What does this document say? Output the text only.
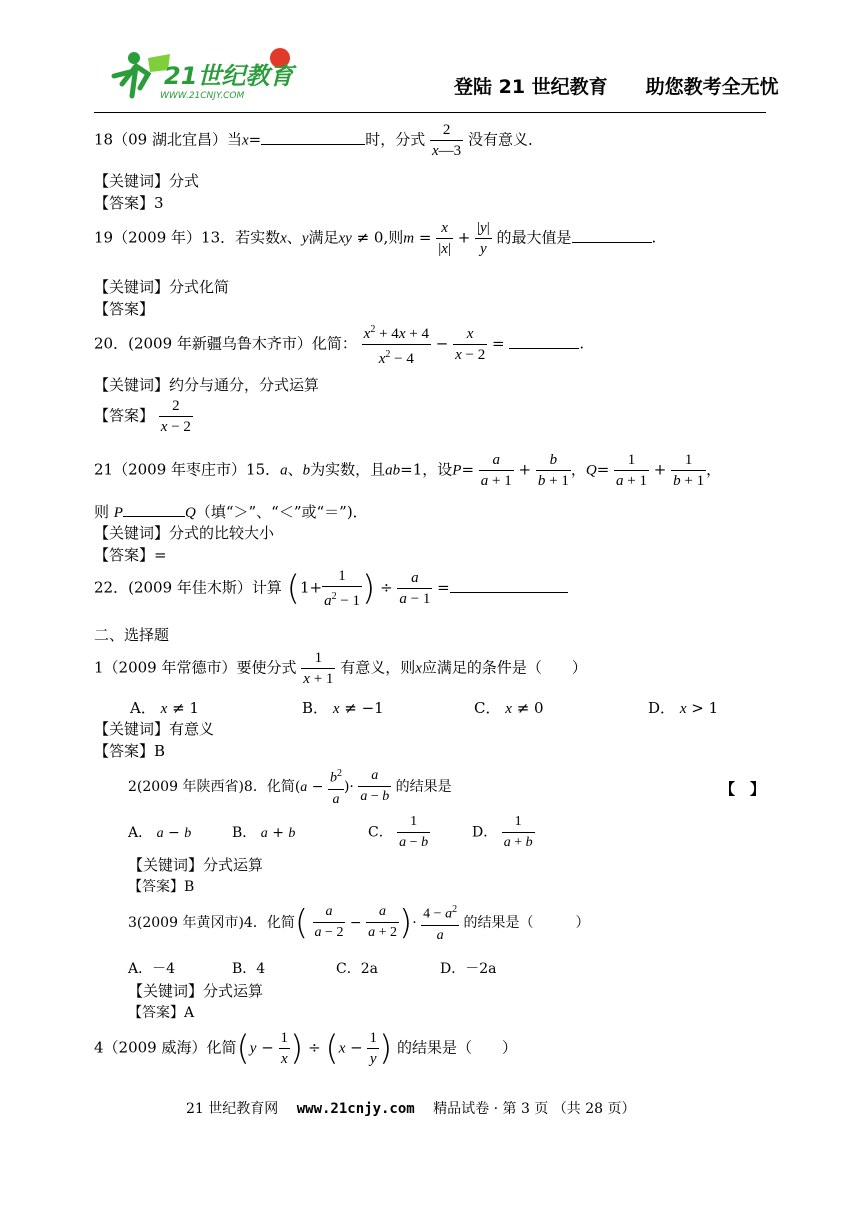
21世纪教育
WWW.21CNJY.COM	登陆 21 世纪教育　　助您教考全无忧
18（09 湖北宜昌）当x=	时，分式 $\frac{2}{x—3}$ 没有意义．
【关键词】分式
【答案】3
19（2009 年）13．若实数x、y满足xy ≠ 0,则$m = \frac{x}{|x|} + \frac{|y|}{y}$ 的最大值是	.
【关键词】分式化简
【答案】
20．(2009 年新疆乌鲁木齐市）化简： $\frac{x^2 + 4x + 4}{x^2 - 4} - \frac{x}{x - 2}$ =	.
【关键词】约分与通分，分式运算
【答案】 $\frac{2}{x - 2}$
21（2009 年枣庄市）15．a、b为实数，且ab=1，设$P= \frac{a}{a + 1} + \frac{b}{b + 1}$ ，$Q= \frac{1}{a + 1} + \frac{1}{b + 1}$ ，
则 P	Q（填“＞”、“＜”或“＝”)．
【关键词】分式的比较大小
【答案】=
22．(2009 年佳木斯）计算 ($1+ \frac{1}{a^2 - 1}$ ) ÷ $\frac{a}{a - 1}$ =
二、选择题
1（2009 年常德市）要使分式 $\frac{1}{x + 1}$ 有意义，则x应满足的条件是（　　）
A． x ≠ 1	B． x ≠ −1	C． x ≠ 0	D． x > 1
【关键词】有意义
【答案】B
2(2009 年陕西省)8．化简($a - \frac{b^2}{a}$ )· $\frac{a}{a - b}$ 的结果是	【　】
A． a − b	B． a + b	C． $\frac{1}{a - b}$	D． $\frac{1}{a + b}$
【关键词】分式运算
【答案】B
3(2009 年黄冈市)4．化简( $\frac{a}{a - 2} - \frac{a}{a + 2}$ )· $\frac{4 - a^2}{a}$ 的结果是（　　　）
A．－4	B．4	C．2a	D．－2a
【关键词】分式运算
【答案】A
4（2009 威海）化简($y - \frac{1}{x}$ ) ÷ ($x - \frac{1}{y}$ ) 的结果是（　　）
21 世纪教育网　 www.21cnjy.com　 精品试卷 · 第 3 页 （共 28 页）
